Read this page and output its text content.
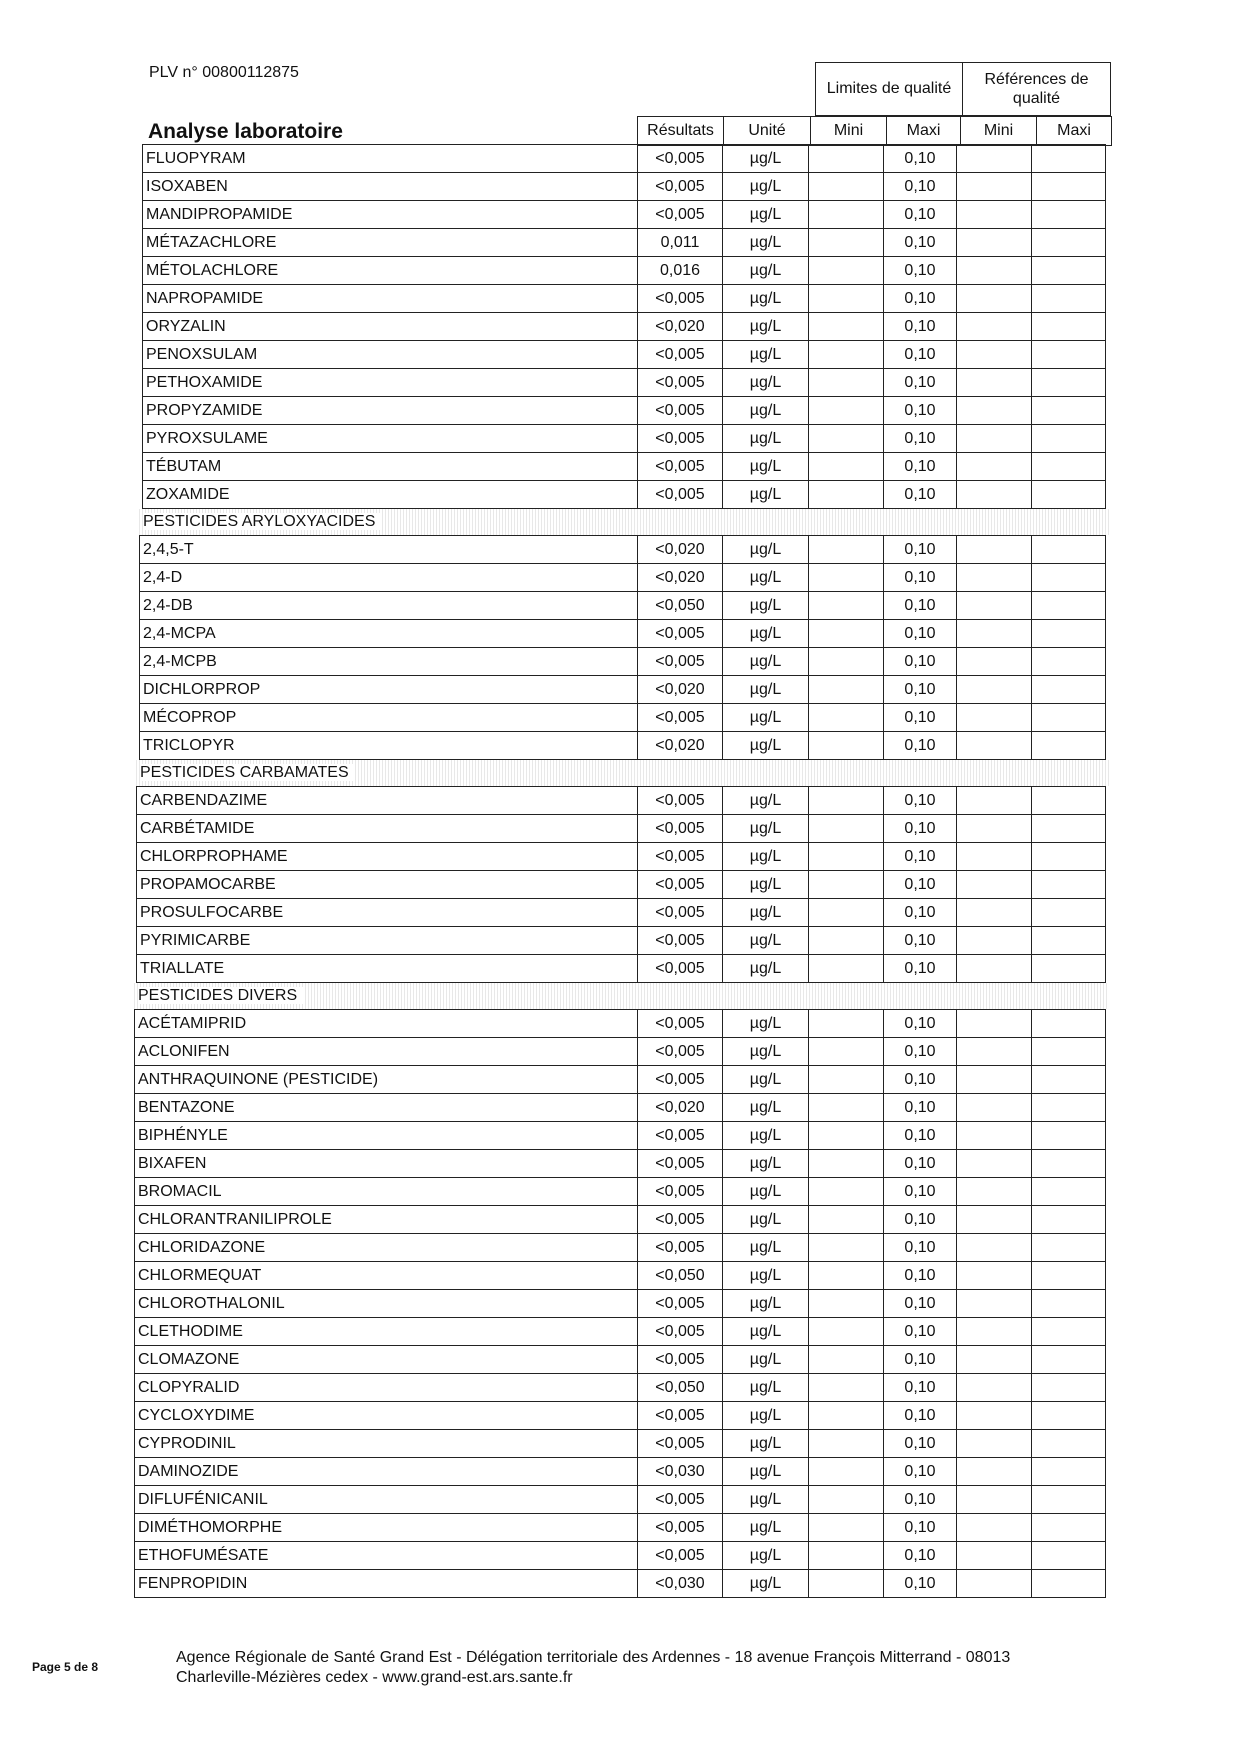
PLV n° 00800112875
Limites de qualité
Références de qualité
Analyse laboratoire	Résultats	Unité	Mini	Maxi	Mini	Maxi
FLUOPYRAM	<0,005	µg/L		0,10		
ISOXABEN	<0,005	µg/L		0,10		
MANDIPROPAMIDE	<0,005	µg/L		0,10		
MÉTAZACHLORE	0,011	µg/L		0,10		
MÉTOLACHLORE	0,016	µg/L		0,10		
NAPROPAMIDE	<0,005	µg/L		0,10		
ORYZALIN	<0,020	µg/L		0,10		
PENOXSULAM	<0,005	µg/L		0,10		
PETHOXAMIDE	<0,005	µg/L		0,10		
PROPYZAMIDE	<0,005	µg/L		0,10		
PYROXSULAME	<0,005	µg/L		0,10		
TÉBUTAM	<0,005	µg/L		0,10		
ZOXAMIDE	<0,005	µg/L		0,10		
PESTICIDES ARYLOXYACIDES
2,4,5-T	<0,020	µg/L		0,10		
2,4-D	<0,020	µg/L		0,10		
2,4-DB	<0,050	µg/L		0,10		
2,4-MCPA	<0,005	µg/L		0,10		
2,4-MCPB	<0,005	µg/L		0,10		
DICHLORPROP	<0,020	µg/L		0,10		
MÉCOPROP	<0,005	µg/L		0,10		
TRICLOPYR	<0,020	µg/L		0,10		
PESTICIDES CARBAMATES
CARBENDAZIME	<0,005	µg/L		0,10		
CARBÉTAMIDE	<0,005	µg/L		0,10		
CHLORPROPHAME	<0,005	µg/L		0,10		
PROPAMOCARBE	<0,005	µg/L		0,10		
PROSULFOCARBE	<0,005	µg/L		0,10		
PYRIMICARBE	<0,005	µg/L		0,10		
TRIALLATE	<0,005	µg/L		0,10		
PESTICIDES DIVERS
ACÉTAMIPRID	<0,005	µg/L		0,10		
ACLONIFEN	<0,005	µg/L		0,10		
ANTHRAQUINONE (PESTICIDE)	<0,005	µg/L		0,10		
BENTAZONE	<0,020	µg/L		0,10		
BIPHÉNYLE	<0,005	µg/L		0,10		
BIXAFEN	<0,005	µg/L		0,10		
BROMACIL	<0,005	µg/L		0,10		
CHLORANTRANILIPROLE	<0,005	µg/L		0,10		
CHLORIDAZONE	<0,005	µg/L		0,10		
CHLORMEQUAT	<0,050	µg/L		0,10		
CHLOROTHALONIL	<0,005	µg/L		0,10		
CLETHODIME	<0,005	µg/L		0,10		
CLOMAZONE	<0,005	µg/L		0,10		
CLOPYRALID	<0,050	µg/L		0,10		
CYCLOXYDIME	<0,005	µg/L		0,10		
CYPRODINIL	<0,005	µg/L		0,10		
DAMINOZIDE	<0,030	µg/L		0,10		
DIFLUFÉNICANIL	<0,005	µg/L		0,10		
DIMÉTHOMORPHE	<0,005	µg/L		0,10		
ETHOFUMÉSATE	<0,005	µg/L		0,10		
FENPROPIDIN	<0,030	µg/L		0,10		
Page 5 de 8
Agence Régionale de Santé Grand Est - Délégation territoriale des Ardennes - 18 avenue François Mitterrand - 08013
Charleville-Mézières cedex - www.grand-est.ars.sante.fr
